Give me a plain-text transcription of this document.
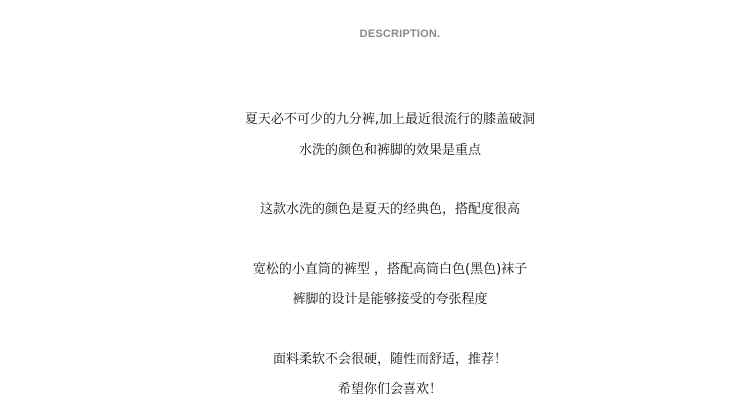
DESCRIPTION.
夏天必不可少的九分裤,加上最近很流行的膝盖破洞
水洗的颜色和裤脚的效果是重点
这款水洗的颜色是夏天的经典色，搭配度很高
宽松的小直筒的裤型 ，搭配高筒白色(黑色)袜子
裤脚的设计是能够接受的夸张程度
面料柔软不会很硬，随性而舒适，推荐！
希望你们会喜欢！
